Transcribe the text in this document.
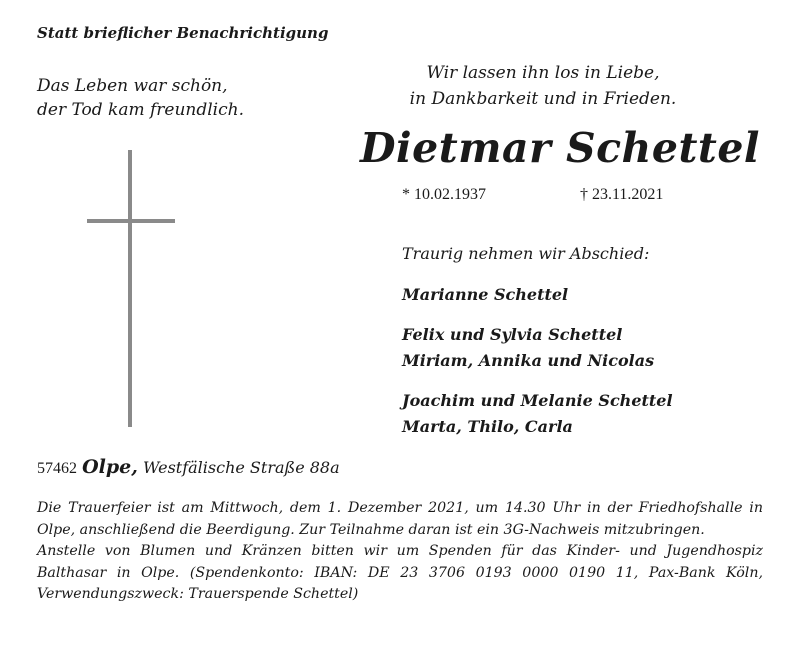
Statt brieflicher Benachrichtigung
Das Leben war schön,
der Tod kam freundlich.
Wir lassen ihn los in Liebe,
in Dankbarkeit und in Frieden.
Dietmar Schettel
* 10.02.1937	† 23.11.2021
Traurig nehmen wir Abschied:
Marianne Schettel
Felix und Sylvia Schettel
Miriam, Annika und Nicolas
Joachim und Melanie Schettel
Marta, Thilo, Carla
57462 Olpe, Westfälische Straße 88a
Die Trauerfeier ist am Mittwoch, dem 1. Dezember 2021, um 14.30 Uhr in der Friedhofshalle in
Olpe, anschließend die Beerdigung. Zur Teilnahme daran ist ein 3G-Nachweis mitzubringen.
Anstelle von Blumen und Kränzen bitten wir um Spenden für das Kinder- und Jugendhospiz
Balthasar in Olpe. (Spendenkonto: IBAN: DE 23 3706 0193 0000 0190 11, Pax-Bank Köln,
Verwendungszweck: Trauerspende Schettel)
